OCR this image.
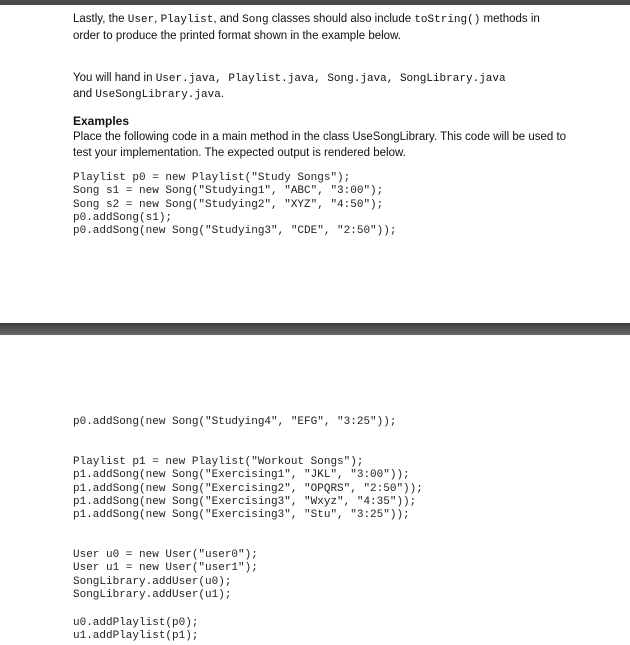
Lastly, the User, Playlist, and Song classes should also include toString() methods in
order to produce the printed format shown in the example below.
You will hand in User.java, Playlist.java, Song.java, SongLibrary.java
and UseSongLibrary.java.
Examples
Place the following code in a main method in the class UseSongLibrary. This code will be used to
test your implementation. The expected output is rendered below.
Playlist p0 = new Playlist("Study Songs");
Song s1 = new Song("Studying1", "ABC", "3:00");
Song s2 = new Song("Studying2", "XYZ", "4:50");
p0.addSong(s1);
p0.addSong(new Song("Studying3", "CDE", "2:50"));
p0.addSong(new Song("Studying4", "EFG", "3:25"));
Playlist p1 = new Playlist("Workout Songs");
p1.addSong(new Song("Exercising1", "JKL", "3:00"));
p1.addSong(new Song("Exercising2", "OPQRS", "2:50"));
p1.addSong(new Song("Exercising3", "Wxyz", "4:35"));
p1.addSong(new Song("Exercising3", "Stu", "3:25"));
User u0 = new User("user0");
User u1 = new User("user1");
SongLibrary.addUser(u0);
SongLibrary.addUser(u1);
u0.addPlaylist(p0);
u1.addPlaylist(p1);
